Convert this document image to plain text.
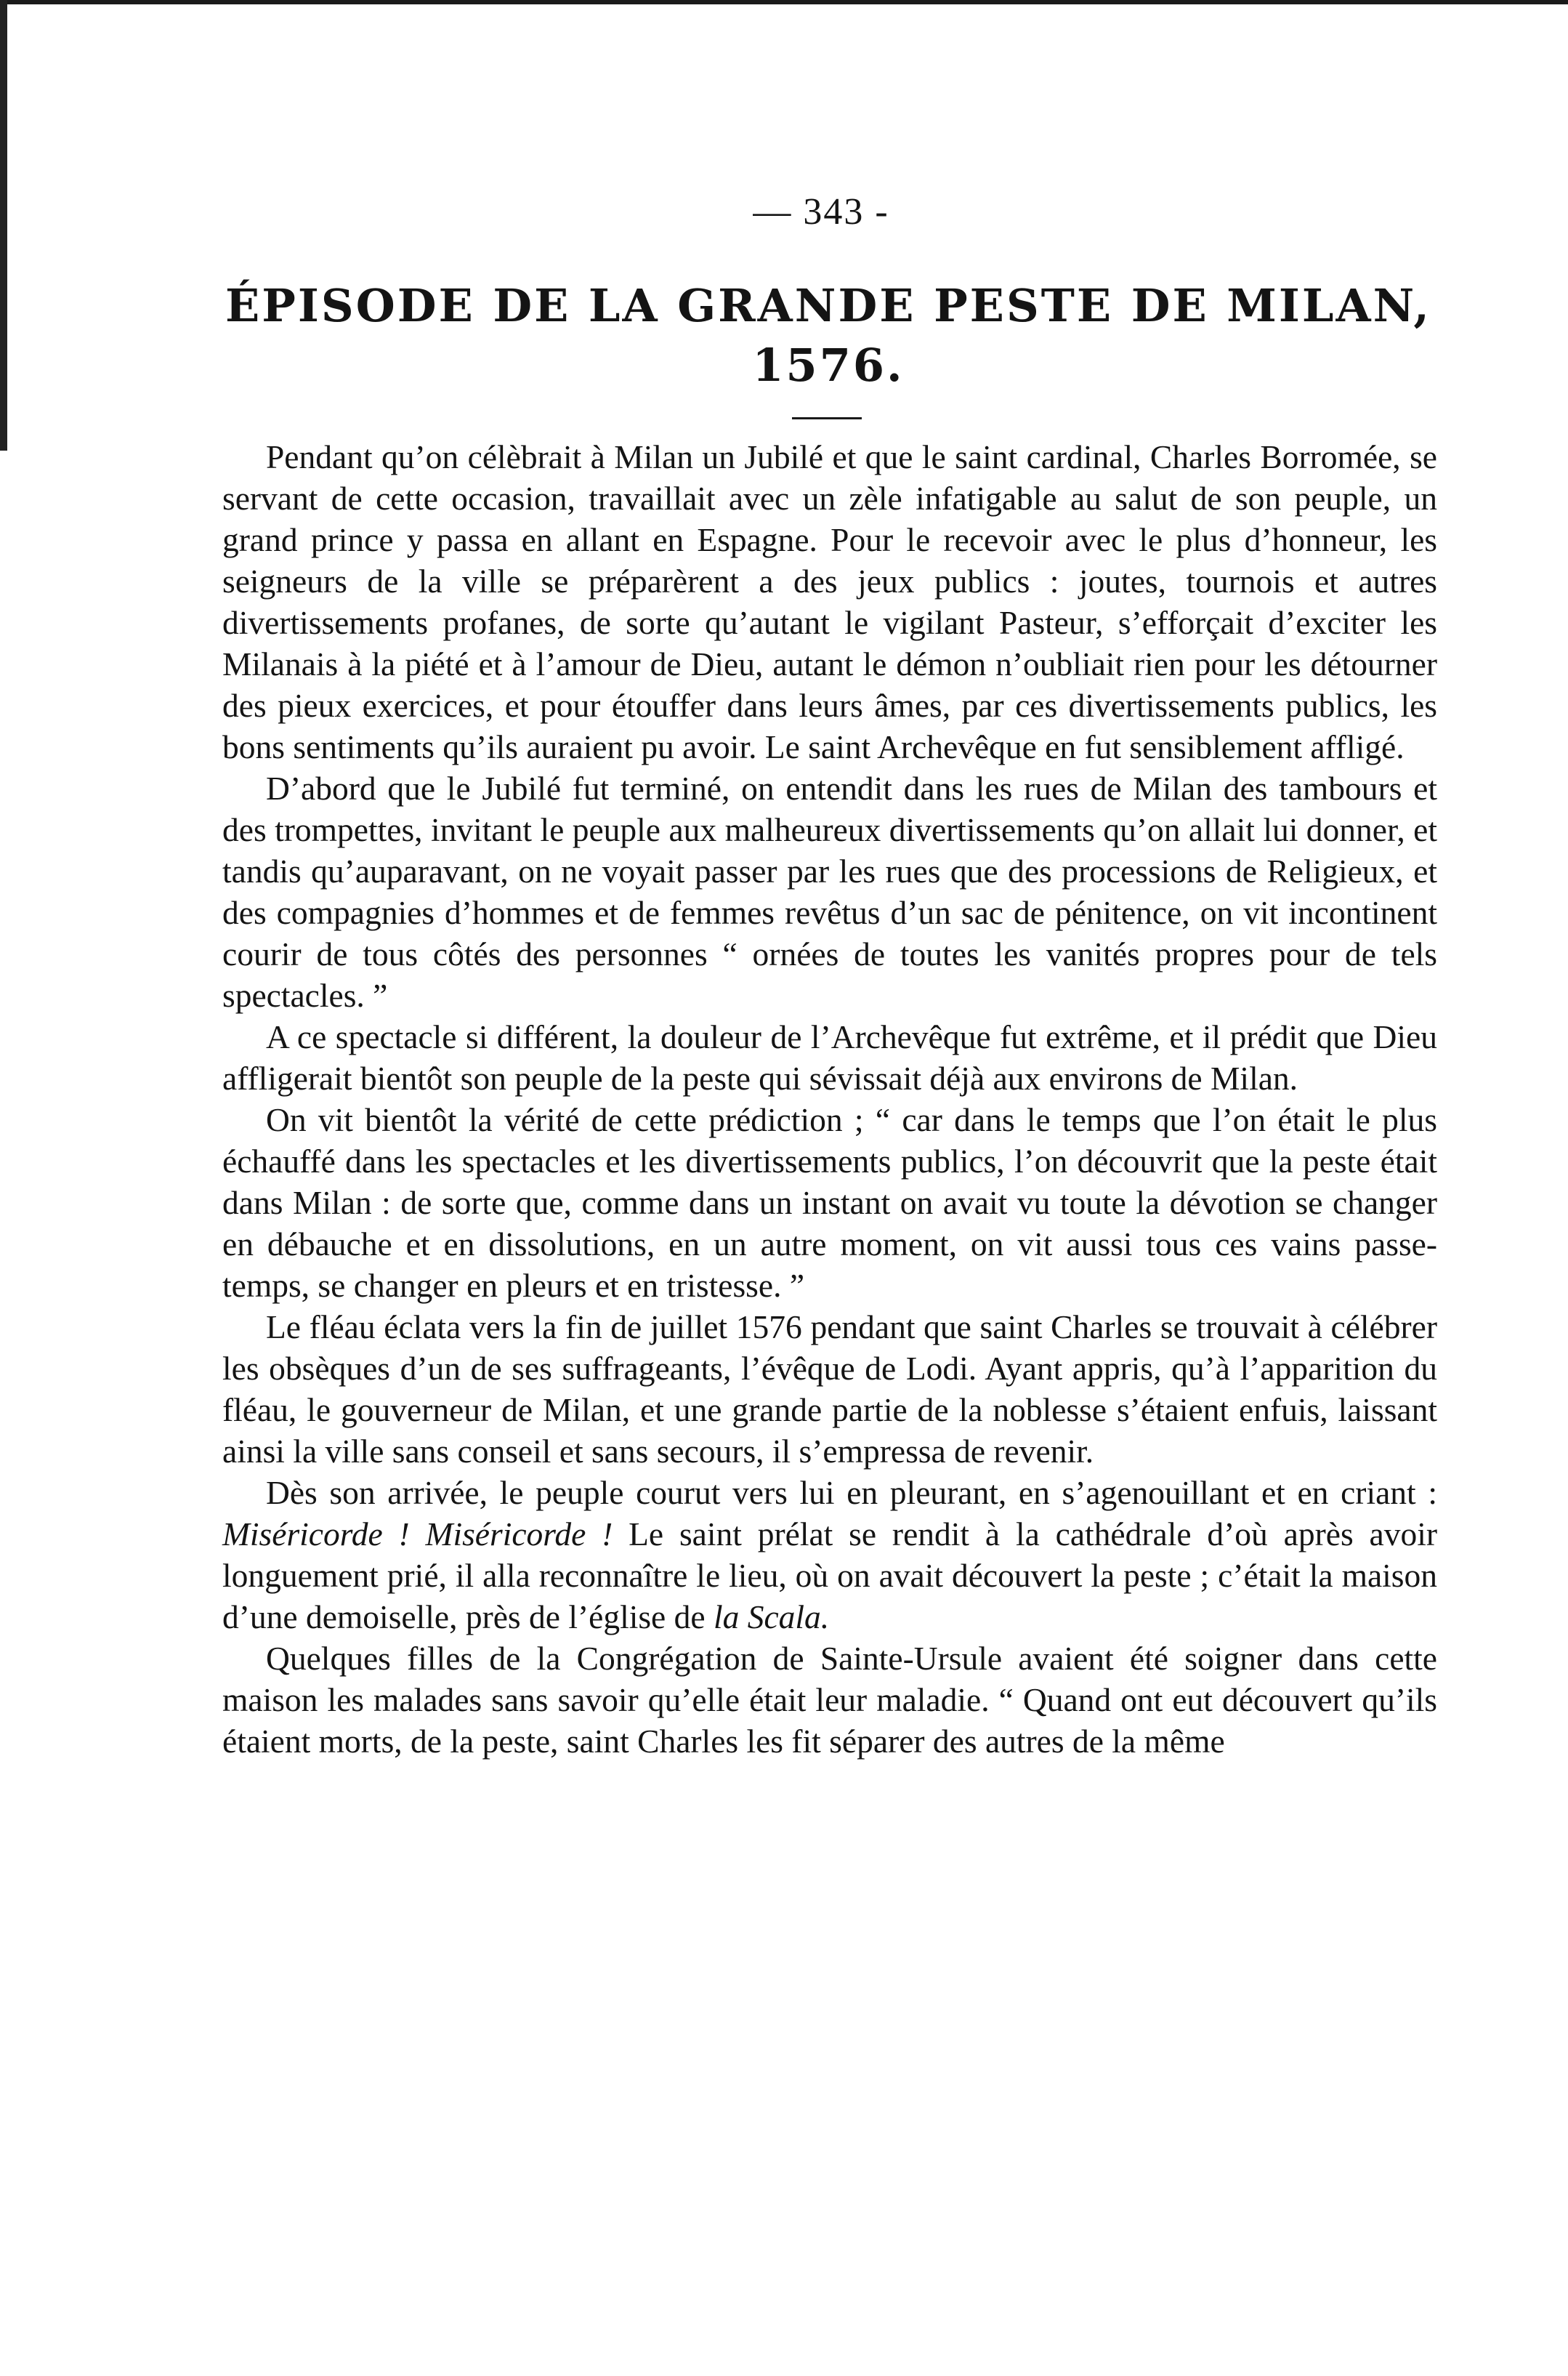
— 343 -
ÉPISODE DE LA GRANDE PESTE DE MILAN,
1576.

Pendant qu’on célèbrait à Milan un Jubilé et que le saint cardinal, Charles Borromée, se servant de cette occasion, travaillait avec un zèle infatigable au salut de son peuple, un grand prince y passa en allant en Espagne. Pour le recevoir avec le plus d’honneur, les seigneurs de la ville se préparèrent a des jeux publics : joutes, tournois et autres divertissements profanes, de sorte qu’autant le vigilant Pasteur, s’efforçait d’exciter les Milanais à la piété et à l’amour de Dieu, autant le démon n’oubliait rien pour les détourner des pieux exercices, et pour étouffer dans leurs âmes, par ces divertissements publics, les bons sentiments qu’ils auraient pu avoir. Le saint Archevêque en fut sensiblement affligé.

D’abord que le Jubilé fut terminé, on entendit dans les rues de Milan des tambours et des trompettes, invitant le peuple aux malheureux divertissements qu’on allait lui donner, et tandis qu’auparavant, on ne voyait passer par les rues que des processions de Religieux, et des compagnies d’hommes et de femmes revêtus d’un sac de pénitence, on vit incontinent courir de tous côtés des personnes “ ornées de toutes les vanités propres pour de tels spectacles. ”

A ce spectacle si différent, la douleur de l’Archevêque fut extrême, et il prédit que Dieu affligerait bientôt son peuple de la peste qui sévissait déjà aux environs de Milan.

On vit bientôt la vérité de cette prédiction ; “ car dans le temps que l’on était le plus échauffé dans les spectacles et les divertissements publics, l’on découvrit que la peste était dans Milan : de sorte que, comme dans un instant on avait vu toute la dévotion se changer en débauche et en dissolutions, en un autre moment, on vit aussi tous ces vains passe-temps, se changer en pleurs et en tristesse. ”

Le fléau éclata vers la fin de juillet 1576 pendant que saint Charles se trouvait à célébrer les obsèques d’un de ses suffrageants, l’évêque de Lodi. Ayant appris, qu’à l’apparition du fléau, le gouverneur de Milan, et une grande partie de la noblesse s’étaient enfuis, laissant ainsi la ville sans conseil et sans secours, il s’empressa de revenir.

Dès son arrivée, le peuple courut vers lui en pleurant, en s’agenouillant et en criant : Miséricorde ! Miséricorde ! Le saint prélat se rendit à la cathédrale d’où après avoir longuement prié, il alla reconnaître le lieu, où on avait découvert la peste ; c’était la maison d’une demoiselle, près de l’église de la Scala.

Quelques filles de la Congrégation de Sainte-Ursule avaient été soigner dans cette maison les malades sans savoir qu’elle était leur maladie. “ Quand ont eut découvert qu’ils étaient morts, de la peste, saint Charles les fit séparer des autres de la même
